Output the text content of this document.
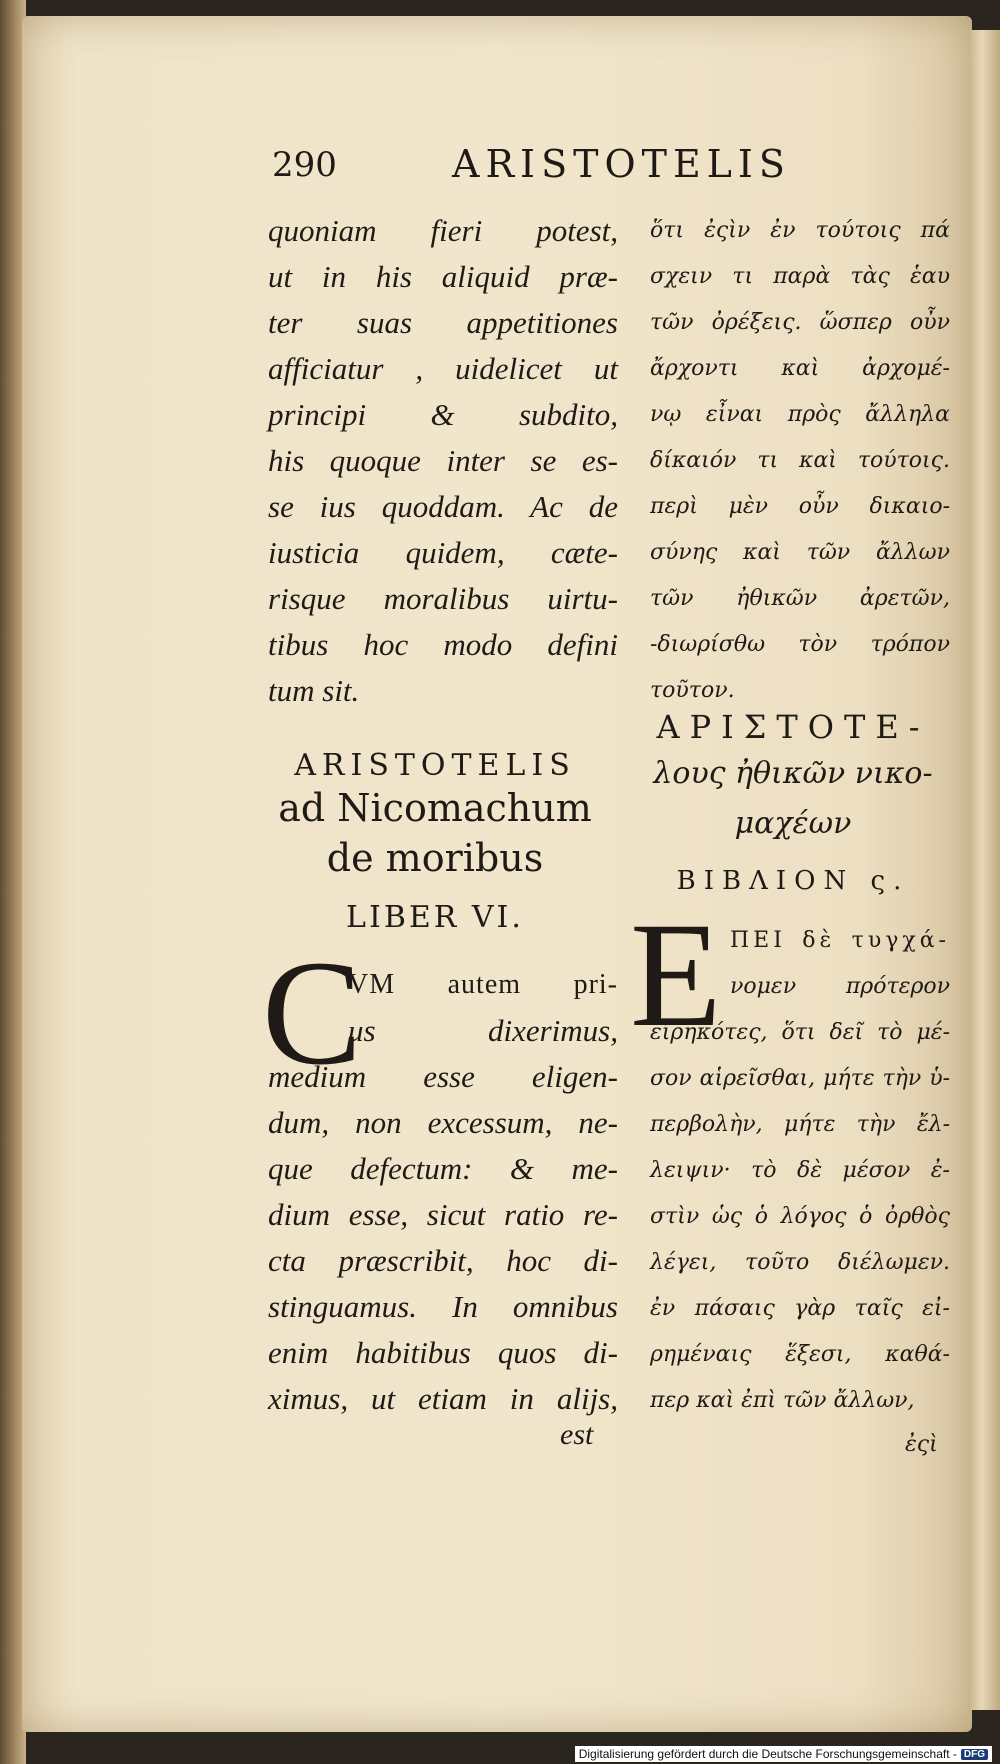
290	ARISTOTELIS
quoniam fieri potest,
ut in his aliquid præ-
ter suas appetitiones
afficiatur , uidelicet ut
principi & subdito,
his quoque inter se es-
se ius quoddam. Ac de
iusticia quidem, cæte-
risque moralibus uirtu-
tibus hoc modo defini
tum sit.
ὅτι ἐςὶν ἐν τούτοις πά
σχειν τι παρὰ τὰς ἑαυ
τῶν ὀρέξεις. ὥσπερ οὖν
ἄρχοντι καὶ ἀρχομέ-
νῳ εἶναι πρὸς ἄλληλα
δίκαιόν τι καὶ τούτοις.
περὶ μὲν οὖν δικαιο-
σύνης καὶ τῶν ἄλλων
τῶν ἠθικῶν ἀρετῶν,
-διωρίσθω τὸν τρόπον
τοῦτον.
ARISTOTELIS
ad Nicomachum
de moribus
LIBER VI.
ΑΡΙΣΤΟΤΕ-
λους ἠθικῶν νικο-
μαχέων
ΒΙΒΛΙΟΝ ς.
C E
VM autem pri-
us dixerimus,
medium esse eligen-
dum, non excessum, ne-
que defectum: & me-
dium esse, sicut ratio re-
cta præscribit, hoc di-
stinguamus. In omnibus
enim habitibus quos di-
ximus, ut etiam in alijs,
ΠΕΙ δὲ τυγχά-
νομεν πρότερον
εἰρηκότες, ὅτι δεῖ τὸ μέ-
σον αἱρεῖσθαι, μήτε τὴν ὑ-
περβολὴν, μήτε τὴν ἔλ-
λειψιν· τὸ δὲ μέσον ἐ-
στὶν ὡς ὁ λόγος ὁ ὀρθὸς
λέγει, τοῦτο διέλωμεν.
ἐν πάσαις γὰρ ταῖς εἰ-
ρημέναις ἕξεσι, καθά-
περ καὶ ἐπὶ τῶν ἄλλων,
est	ἐςὶ
Digitalisierung gefördert durch die Deutsche Forschungsgemeinschaft - DFG
